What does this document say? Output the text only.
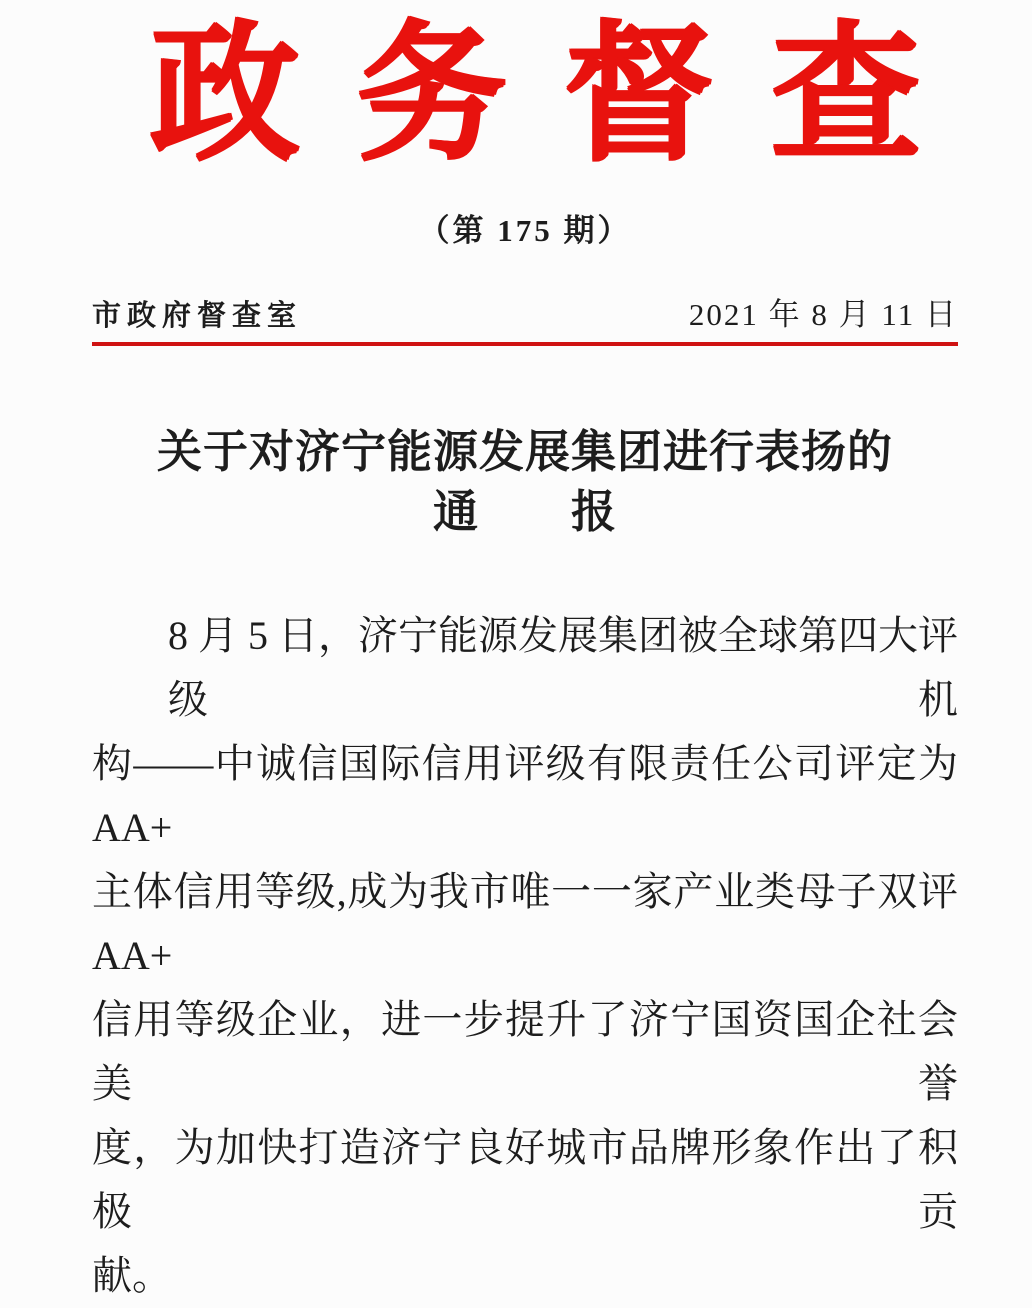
政务督查
（第 175 期）
市政府督查室	2021 年 8 月 11 日
关于对济宁能源发展集团进行表扬的
通　　报

8 月 5 日，济宁能源发展集团被全球第四大评级机

构——中诚信国际信用评级有限责任公司评定为 AA+

主体信用等级,成为我市唯一一家产业类母子双评 AA+

信用等级企业，进一步提升了济宁国资国企社会美誉

度，为加快打造济宁良好城市品牌形象作出了积极贡

献。
